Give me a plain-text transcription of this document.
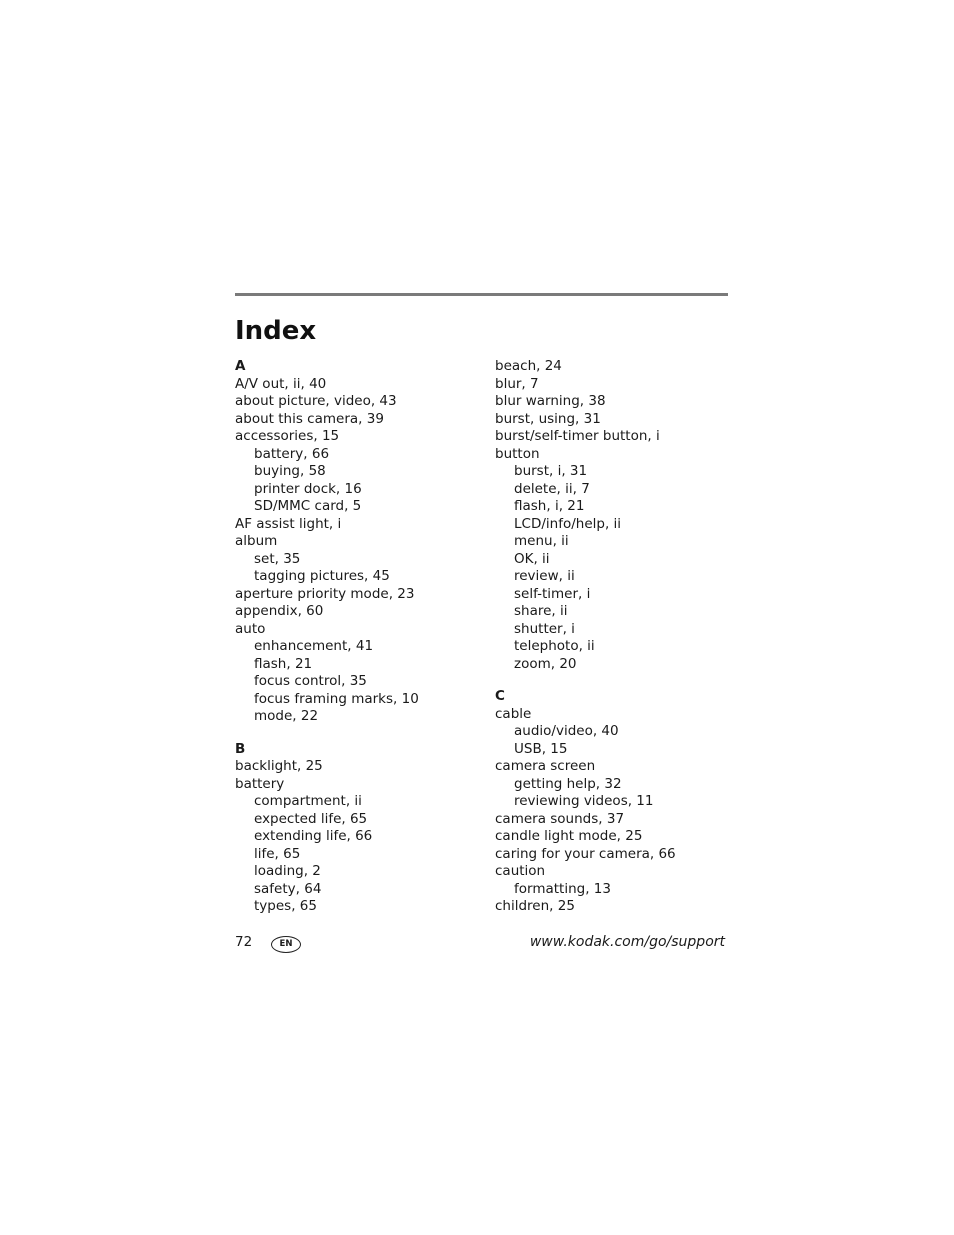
Index
A
A/V out, ii, 40
about picture, video, 43
about this camera, 39
accessories, 15
battery, 66
buying, 58
printer dock, 16
SD/MMC card, 5
AF assist light, i
album
set, 35
tagging pictures, 45
aperture priority mode, 23
appendix, 60
auto
enhancement, 41
flash, 21
focus control, 35
focus framing marks, 10
mode, 22
B
backlight, 25
battery
compartment, ii
expected life, 65
extending life, 66
life, 65
loading, 2
safety, 64
types, 65
beach, 24
blur, 7
blur warning, 38
burst, using, 31
burst/self-timer button, i
button
burst, i, 31
delete, ii, 7
flash, i, 21
LCD/info/help, ii
menu, ii
OK, ii
review, ii
self-timer, i
share, ii
shutter, i
telephoto, ii
zoom, 20
C
cable
audio/video, 40
USB, 15
camera screen
getting help, 32
reviewing videos, 11
camera sounds, 37
candle light mode, 25
caring for your camera, 66
caution
formatting, 13
children, 25
72	EN	www.kodak.com/go/support
